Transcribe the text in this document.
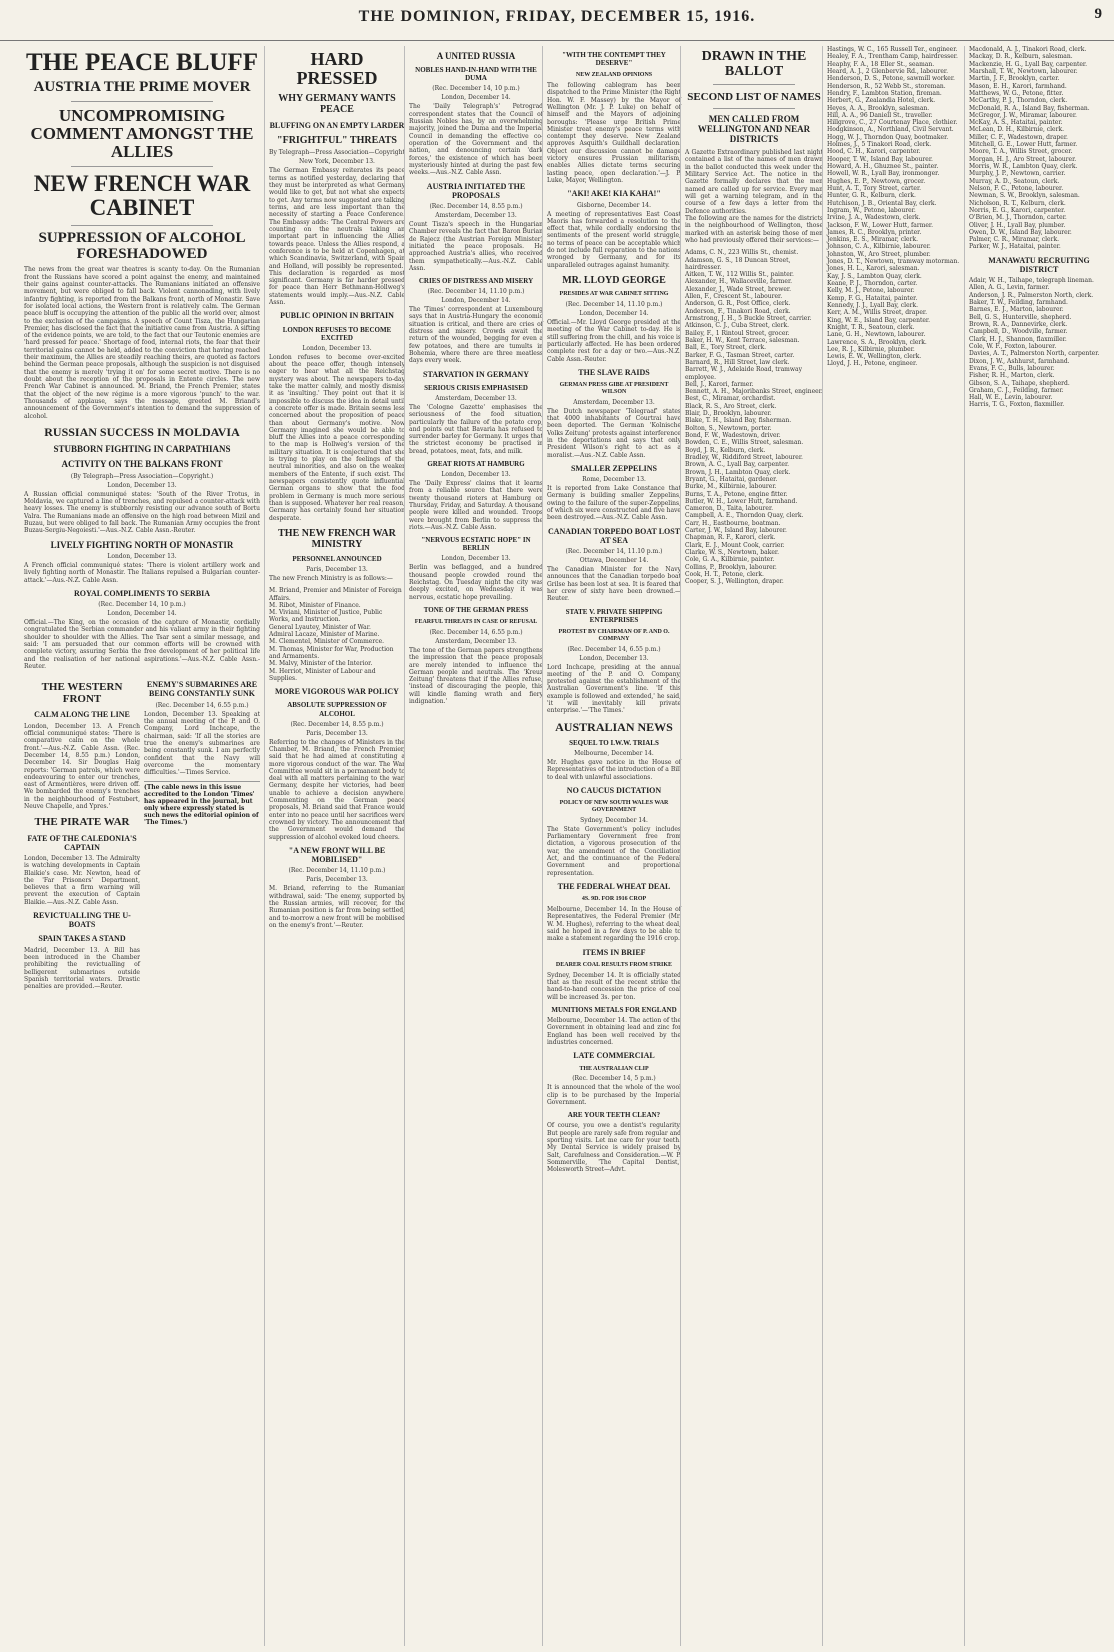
THE DOMINION, FRIDAY, DECEMBER 15, 1916.	9
THE PEACE BLUFF
AUSTRIA THE PRIME MOVER
UNCOMPROMISING COMMENT AMONGST THE ALLIES
NEW FRENCH WAR CABINET
SUPPRESSION OF ALCOHOL FORESHADOWED
The news from the great war theatres is scanty to-day. On the Rumanian front the Russians have scored a point against the enemy, and maintained their gains against counter-attacks. The Rumanians initiated an offensive movement, but were obliged to fall back. Violent cannonading, with lively infantry fighting, is reported from the Balkans front, north of Monastir. Save for isolated local actions, the Western front is relatively calm. The German peace bluff is occupying the attention of the public all the world over, almost to the exclusion of the campaigns. A speech of Count Tisza, the Hungarian Premier, has disclosed the fact that the initiative came from Austria. A sifting of the evidence points, we are told, to the fact that our Teutonic enemies are 'hard pressed for peace.' Shortage of food, internal riots, the fear that their territorial gains cannot be held, added to the conviction that having reached their maximum, the Allies are steadily reaching theirs, are quoted as factors behind the German peace proposals, although the suspicion is not disguised that the enemy is merely 'trying it on' for some secret motive. There is no doubt about the reception of the proposals in Entente circles. The new French War Cabinet is announced. M. Briand, the French Premier, states that the object of the new régime is a more vigorous 'punch' to the war. Thousands of applause, says the message, greeted M. Briand's announcement of the Government's intention to demand the suppression of alcohol.
RUSSIAN SUCCESS IN MOLDAVIA
STUBBORN FIGHTING IN CARPATHIANS
ACTIVITY ON THE BALKANS FRONT
(By Telegraph—Press Association—Copyright.)
London, December 13.
A Russian official communiqué states: 'South of the River Trotus, in Moldavia, we captured a line of trenches, and repulsed a counter-attack with heavy losses. The enemy is stubbornly resisting our advance south of Bortu Valra. The Rumanians made an offensive on the high road between Mizil and Buzau, but were obliged to fall back. The Rumanian Army occupies the front Buzau-Sergiu-Negoiesti.'—Aus.-N.Z. Cable Assn.-Reuter.
LIVELY FIGHTING NORTH OF MONASTIR
London, December 13.
A French official communiqué states: 'There is violent artillery work and lively fighting north of Monastir. The Italians repulsed a Bulgarian counter-attack.'—Aus.-N.Z. Cable Assn.
ROYAL COMPLIMENTS TO SERBIA
(Rec. December 14, 10 p.m.)
London, December 14.
Official.—The King, on the occasion of the capture of Monastir, cordially congratulated the Serbian commander and his valiant army in their fighting shoulder to shoulder with the Allies. The Tsar sent a similar message, and said: 'I am persuaded that our common efforts will be crowned with complete victory, assuring Serbia the free development of her political life and the realisation of her national aspirations.'—Aus.-N.Z. Cable Assn.-Reuter.
THE WESTERN FRONT
CALM ALONG THE LINE
London, December 13. A French official communiqué states: 'There is comparative calm on the whole front.'—Aus.-N.Z. Cable Assn. (Rec. December 14, 8.55 p.m.) London, December 14. Sir Douglas Haig reports: 'German patrols, which were endeavouring to enter our trenches, east of Armentières, were driven off. We bombarded the enemy's trenches in the neighbourhood of Festubert, Neuve Chapelle, and Ypres.'
THE PIRATE WAR
FATE OF THE CALEDONIA'S CAPTAIN
London, December 13. The Admiralty is watching developments in Captain Blaikie's case. Mr. Newton, head of the 'Far Prisoners' Department, believes that a firm warning will prevent the execution of Captain Blaikie.—Aus.-N.Z. Cable Assn.
REVICTUALLING THE U-BOATS
SPAIN TAKES A STAND
Madrid, December 13. A Bill has been introduced in the Chamber prohibiting the revictualling of belligerent submarines outside Spanish territorial waters. Drastic penalties are provided.—Reuter.
ENEMY'S SUBMARINES ARE BEING CONSTANTLY SUNK
(Rec. December 14, 6.55 p.m.)
London, December 13. Speaking at the annual meeting of the P. and O. Company, Lord Inchcape, the chairman, said: 'If all the stories are true the enemy's submarines are being constantly sunk. I am perfectly confident that the Navy will overcome the momentary difficulties.'—Times Service.
(The cable news in this issue accredited to the London 'Times' has appeared in the journal, but only where expressly stated is such news the editorial opinion of 'The Times.')
HARD PRESSED
WHY GERMANY WANTS PEACE
BLUFFING ON AN EMPTY LARDER
"FRIGHTFUL" THREATS
By Telegraph—Press Association—Copyright
New York, December 13.
The German Embassy reiterates its peace terms as notified yesterday, declaring that they must be interpreted as what Germany would like to get, but not what she expects to get. Any terms now suggested are talking terms, and are less important than the necessity of starting a Peace Conference. The Embassy adds: 'The Central Powers are counting on the neutrals taking an important part in influencing the Allies towards peace. Unless the Allies respond, a conference is to be held at Copenhagen, at which Scandinavia, Switzerland, with Spain and Holland, will possibly be represented.' This declaration is regarded as most significant. Germany is far harder pressed for peace than Herr Bethmann-Hollweg's statements would imply.—Aus.-N.Z. Cable Assn.
PUBLIC OPINION IN BRITAIN
LONDON REFUSES TO BECOME EXCITED
London, December 13.
London refuses to become over-excited about the peace offer, though intensely eager to hear what all the Reichstag mystery was about. The newspapers to-day take the matter calmly, and mostly dismiss it as 'insulting.' They point out that it is impossible to discuss the idea in detail until a concrete offer is made. Britain seems less concerned about the proposition of peace than about Germany's motive. Now Germany imagined she would be able to bluff the Allies into a peace corresponding to the map is Hollweg's version of the military situation. It is conjectured that she is trying to play on the feelings of the neutral minorities, and also on the weaker members of the Entente, if such exist. The newspapers consistently quote influential German organs to show that the food problem in Germany is much more serious than is supposed. Whatever her real reason, Germany has certainly found her situation desperate.
THE NEW FRENCH WAR MINISTRY
PERSONNEL ANNOUNCED
Paris, December 13.
The new French Ministry is as follows:—
M. Briand, Premier and Minister of Foreign Affairs.
M. Ribot, Minister of Finance.
M. Viviani, Minister of Justice, Public Works, and Instruction.
General Lyautey, Minister of War.
Admiral Lacaze, Minister of Marine.
M. Clementel, Minister of Commerce.
M. Thomas, Minister for War, Production and Armaments.
M. Malvy, Minister of the Interior.
M. Herriot, Minister of Labour and Supplies.
MORE VIGOROUS WAR POLICY
ABSOLUTE SUPPRESSION OF ALCOHOL
(Rec. December 14, 8.55 p.m.)
Paris, December 13.
Referring to the changes of Ministers in the Chamber, M. Briand, the French Premier, said that he had aimed at constituting a more vigorous conduct of the war. The War Committee would sit in a permanent body to deal with all matters pertaining to the war. Germany, despite her victories, had been unable to achieve a decision anywhere. Commenting on the German peace proposals, M. Briand said that France would enter into no peace until her sacrifices were crowned by victory. The announcement that the Government would demand the suppression of alcohol evoked loud cheers.
"A NEW FRONT WILL BE MOBILISED"
(Rec. December 14, 11.10 p.m.)
Paris, December 13.
M. Briand, referring to the Rumanian withdrawal, said: 'The enemy, supported by the Russian armies, will recover, for the Rumanian position is far from being settled, and to-morrow a new front will be mobilised on the enemy's front.'—Reuter.
A UNITED RUSSIA
NOBLES HAND-IN-HAND WITH THE DUMA
(Rec. December 14, 10 p.m.)
London, December 14.
The 'Daily Telegraph's' Petrograd correspondent states that the Council of Russian Nobles has, by an overwhelming majority, joined the Duma and the Imperial Council in demanding the effective co-operation of the Government and the nation, and denouncing certain 'dark forces,' the existence of which has been mysteriously hinted at during the past few weeks.—Aus.-N.Z. Cable Assn.
AUSTRIA INITIATED THE PROPOSALS
(Rec. December 14, 8.55 p.m.)
Amsterdam, December 13.
Count Tisza's speech in the Hungarian Chamber reveals the fact that Baron Burian de Rajecz (the Austrian Foreign Minister) initiated the peace proposals. He approached Austria's allies, who received them sympathetically.—Aus.-N.Z. Cable Assn.
CRIES OF DISTRESS AND MISERY
(Rec. December 14, 11.10 p.m.)
London, December 14.
The 'Times' correspondent at Luxembourg says that in Austria-Hungary the economic situation is critical, and there are cries of distress and misery. Crowds await the return of the wounded, begging for even a few potatoes, and there are tumults in Bohemia, where there are three meatless days every week.
STARVATION IN GERMANY
SERIOUS CRISIS EMPHASISED
Amsterdam, December 13.
The 'Cologne Gazette' emphasises the seriousness of the food situation, particularly the failure of the potato crop, and points out that Bavaria has refused to surrender barley for Germany. It urges that the strictest economy be practised in bread, potatoes, meat, fats, and milk.
GREAT RIOTS AT HAMBURG
London, December 13.
The 'Daily Express' claims that it learns from a reliable source that there were twenty thousand rioters at Hamburg on Thursday, Friday, and Saturday. A thousand people were killed and wounded. Troops were brought from Berlin to suppress the riots.—Aus.-N.Z. Cable Assn.
"NERVOUS ECSTATIC HOPE" IN BERLIN
London, December 13.
Berlin was beflagged, and a hundred thousand people crowded round the Reichstag. On Tuesday night the city was deeply excited, on Wednesday it was nervous, ecstatic hope prevailing.
TONE OF THE GERMAN PRESS
FEARFUL THREATS IN CASE OF REFUSAL
(Rec. December 14, 6.55 p.m.)
Amsterdam, December 13.
The tone of the German papers strengthens the impression that the peace proposals are merely intended to influence the German people and neutrals. The 'Kreuz Zeitung' threatens that if the Allies refuse, 'instead of discouraging the people, this will kindle flaming wrath and fiery indignation.'
"WITH THE CONTEMPT THEY DESERVE"
NEW ZEALAND OPINIONS
The following cablegram has been dispatched to the Prime Minister (the Right Hon. W. F. Massey) by the Mayor of Wellington (Mr. J. P. Luke) on behalf of himself and the Mayors of adjoining boroughs: 'Please urge British Prime Minister treat enemy's peace terms with contempt they deserve. New Zealand approves Asquith's Guildhall declaration. Object our discussion cannot be damage victory ensures Prussian militarism, enables Allies dictate terms securing lasting peace, open declaration.'—J. P. Luke, Mayor, Wellington.
"AKI! AKE! KIA KAHA!"
Gisborne, December 14.
A meeting of representatives East Coast Maoris has forwarded a resolution to the effect that, while cordially endorsing the sentiments of the present world struggle, no terms of peace can be acceptable which do not include full reparation to the nations wronged by Germany, and for its unparalleled outrages against humanity.
MR. LLOYD GEORGE
PRESIDES AT WAR CABINET SITTING
(Rec. December 14, 11.10 p.m.)
London, December 14.
Official.—Mr. Lloyd George presided at the meeting of the War Cabinet to-day. He is still suffering from the chill, and his voice is particularly affected. He has been ordered complete rest for a day or two.—Aus.-N.Z. Cable Assn.-Reuter.
THE SLAVE RAIDS
GERMAN PRESS GIBE AT PRESIDENT WILSON
Amsterdam, December 13.
The Dutch newspaper 'Telegraaf' states that 4000 inhabitants of Courtrai have been deported. The German 'Kolnische Volks Zeitung' protests against interference in the deportations and says that only President Wilson's right to act as a moralist.—Aus.-N.Z. Cable Assn.
SMALLER ZEPPELINS
Rome, December 13.
It is reported from Lake Constance that Germany is building smaller Zeppelins, owing to the failure of the super-Zeppelins, of which six were constructed and five have been destroyed.—Aus.-N.Z. Cable Assn.
CANADIAN TORPEDO BOAT LOST AT SEA
(Rec. December 14, 11.10 p.m.)
Ottawa, December 14.
The Canadian Minister for the Navy announces that the Canadian torpedo boat Grilse has been lost at sea. It is feared that her crew of sixty have been drowned.—Reuter.
STATE V. PRIVATE SHIPPING ENTERPRISES
PROTEST BY CHAIRMAN OF P. AND O. COMPANY
(Rec. December 14, 6.55 p.m.)
London, December 13.
Lord Inchcape, presiding at the annual meeting of the P. and O. Company, protested against the establishment of the Australian Government's line. 'If this example is followed and extended,' he said, 'it will inevitably kill private enterprise.'—'The Times.'
AUSTRALIAN NEWS
SEQUEL TO I.W.W. TRIALS
Melbourne, December 14.
Mr. Hughes gave notice in the House of Representatives of the introduction of a Bill to deal with unlawful associations.
NO CAUCUS DICTATION
POLICY OF NEW SOUTH WALES WAR GOVERNMENT
Sydney, December 14.
The State Government's policy includes Parliamentary Government free from dictation, a vigorous prosecution of the war, the amendment of the Conciliation Act, and the continuance of the Federal Government and proportional representation.
THE FEDERAL WHEAT DEAL
4S. 9D. FOR 1916 CROP
Melbourne, December 14. In the House of Representatives, the Federal Premier (Mr. W. M. Hughes), referring to the wheat deal, said he hoped in a few days to be able to make a statement regarding the 1916 crop.
ITEMS IN BRIEF
DEARER COAL RESULTS FROM STRIKE
Sydney, December 14. It is officially stated that as the result of the recent strike the hand-to-hand concession the price of coal will be increased 3s. per ton.
MUNITIONS METALS FOR ENGLAND
Melbourne, December 14. The action of the Government in obtaining lead and zinc for England has been well received by the industries concerned.
LATE COMMERCIAL
THE AUSTRALIAN CLIP
(Rec. December 14, 5 p.m.)
It is announced that the whole of the wool clip is to be purchased by the Imperial Government.
ARE YOUR TEETH CLEAN?
Of course, you owe a dentist's regularity. But people are rarely safe from regular and sporting visits. Let me care for your teeth. My Dental Service is widely praised by Salt, Carefulness and Consideration.—W. P. Sommerville, 'The Capital Dentist,' Molesworth Street—Advt.
DRAWN IN THE BALLOT
SECOND LIST OF NAMES
MEN CALLED FROM WELLINGTON AND NEAR DISTRICTS
A Gazette Extraordinary published last night contained a list of the names of men drawn in the ballot conducted this week under the Military Service Act. The notice in the Gazette formally declares that the men named are called up for service. Every man will get a warning telegram, and in the course of a few days a letter from the Defence authorities.
The following are the names for the districts in the neighbourhood of Wellington, those marked with an asterisk being those of men who had previously offered their services:—
Adams, C. N., 223 Willis St., chemist.
Adamson, G. S., 18 Duncan Street, hairdresser.
Aitken, T. W., 112 Willis St., painter.
Alexander, H., Wallaceville, farmer.
Alexander, J., Wade Street, brewer.
Allen, F., Crescent St., labourer.
Anderson, G. R., Post Office, clerk.
Anderson, F., Tinakori Road, clerk.
Armstrong, J. H., 5 Buckle Street, carrier.
Atkinson, C. J., Cuba Street, clerk.
Bailey, F., 1 Rintoul Street, grocer.
Baker, H. W., Kent Terrace, salesman.
Ball, E., Tory Street, clerk.
Barker, F. G., Tasman Street, carter.
Barnard, R., Hill Street, law clerk.
Barrett, W. J., Adelaide Road, tramway employee.
Bell, J., Karori, farmer.
Bennett, A. H., Majoribanks Street, engineer.
Best, C., Miramar, orchardist.
Black, R. S., Aro Street, clerk.
Blair, D., Brooklyn, labourer.
Blake, T. H., Island Bay, fisherman.
Bolton, S., Newtown, porter.
Bond, F. W., Wadestown, driver.
Bowden, C. E., Willis Street, salesman.
Boyd, J. R., Kelburn, clerk.
Bradley, W., Riddiford Street, labourer.
Brown, A. C., Lyall Bay, carpenter.
Brown, J. H., Lambton Quay, clerk.
Bryant, G., Hataitai, gardener.
Burke, M., Kilbirnie, labourer.
Burns, T. A., Petone, engine fitter.
Butler, W. H., Lower Hutt, farmhand.
Cameron, D., Taita, labourer.
Campbell, A. E., Thorndon Quay, clerk.
Carr, H., Eastbourne, boatman.
Carter, J. W., Island Bay, labourer.
Chapman, R. F., Karori, clerk.
Clark, E. J., Mount Cook, carrier.
Clarke, W. S., Newtown, baker.
Cole, G. A., Kilbirnie, painter.
Collins, P., Brooklyn, labourer.
Cook, H. T., Petone, clerk.
Cooper, S. J., Wellington, draper.
Hastings, W. C., 165 Russell Ter., engineer.
Healey, F. A., Trentham Camp, hairdresser.
Heaphy, F. A., 18 Eller St., seaman.
Heard, A. J., 2 Glenbervie Rd., labourer.
Henderson, D. S., Petone, sawmill worker.
Henderson, R., 52 Webb St., storeman.
Hendry, F., Lambton Station, fireman.
Herbert, G., Zealandia Hotel, clerk.
Heyes, A. A., Brooklyn, salesman.
Hill, A. A., 96 Daniell St., traveller.
Hillgrove, C., 27 Courtenay Place, clothier.
Hodgkinson, A., Northland, Civil Servant.
Hogg, W. J., Thorndon Quay, bootmaker.
Holmes, J., 5 Tinakori Road, clerk.
Hood, C. H., Karori, carpenter.
Hooper, T. W., Island Bay, labourer.
Howard, A. H., Ghuznee St., painter.
Howell, W. R., Lyall Bay, ironmonger.
Hughes, E. P., Newtown, grocer.
Hunt, A. T., Tory Street, carter.
Hunter, G. R., Kelburn, clerk.
Hutchison, J. B., Oriental Bay, clerk.
Ingram, W., Petone, labourer.
Irvine, J. A., Wadestown, clerk.
Jackson, F. W., Lower Hutt, farmer.
James, R. C., Brooklyn, printer.
Jenkins, E. S., Miramar, clerk.
Johnson, C. A., Kilbirnie, labourer.
Johnston, W., Aro Street, plumber.
Jones, D. T., Newtown, tramway motorman.
Jones, H. L., Karori, salesman.
Kay, J. S., Lambton Quay, clerk.
Keane, P. J., Thorndon, carter.
Kelly, M. J., Petone, labourer.
Kemp, F. G., Hataitai, painter.
Kennedy, J. J., Lyall Bay, clerk.
Kerr, A. M., Willis Street, draper.
King, W. E., Island Bay, carpenter.
Knight, T. R., Seatoun, clerk.
Lane, G. H., Newtown, labourer.
Lawrence, S. A., Brooklyn, clerk.
Lee, R. J., Kilbirnie, plumber.
Lewis, E. W., Wellington, clerk.
Lloyd, J. H., Petone, engineer.
Macdonald, A. J., Tinakori Road, clerk.
Mackay, D. R., Kelburn, salesman.
Mackenzie, H. G., Lyall Bay, carpenter.
Marshall, T. W., Newtown, labourer.
Martin, J. F., Brooklyn, carter.
Mason, E. H., Karori, farmhand.
Matthews, W. G., Petone, fitter.
McCarthy, P. J., Thorndon, clerk.
McDonald, R. A., Island Bay, fisherman.
McGregor, J. W., Miramar, labourer.
McKay, A. S., Hataitai, painter.
McLean, D. H., Kilbirnie, clerk.
Miller, C. F., Wadestown, draper.
Mitchell, G. E., Lower Hutt, farmer.
Moore, T. A., Willis Street, grocer.
Morgan, H. J., Aro Street, labourer.
Morris, W. R., Lambton Quay, clerk.
Murphy, J. P., Newtown, carrier.
Murray, A. D., Seatoun, clerk.
Nelson, F. C., Petone, labourer.
Newman, S. W., Brooklyn, salesman.
Nicholson, R. T., Kelburn, clerk.
Norris, E. G., Karori, carpenter.
O'Brien, M. J., Thorndon, carter.
Oliver, J. H., Lyall Bay, plumber.
Owen, D. W., Island Bay, labourer.
Palmer, C. R., Miramar, clerk.
Parker, W. J., Hataitai, painter.
MANAWATU RECRUITING DISTRICT
Adair, W. H., Taihape, telegraph lineman.
Allen, A. G., Levin, farmer.
Anderson, J. R., Palmerston North, clerk.
Baker, T. W., Feilding, farmhand.
Barnes, E. J., Marton, labourer.
Bell, G. S., Hunterville, shepherd.
Brown, R. A., Dannevirke, clerk.
Campbell, D., Woodville, farmer.
Clark, H. J., Shannon, flaxmiller.
Cole, W. F., Foxton, labourer.
Davies, A. T., Palmerston North, carpenter.
Dixon, J. W., Ashhurst, farmhand.
Evans, F. C., Bulls, labourer.
Fisher, R. H., Marton, clerk.
Gibson, S. A., Taihape, shepherd.
Graham, C. J., Feilding, farmer.
Hall, W. E., Levin, labourer.
Harris, T. G., Foxton, flaxmiller.
